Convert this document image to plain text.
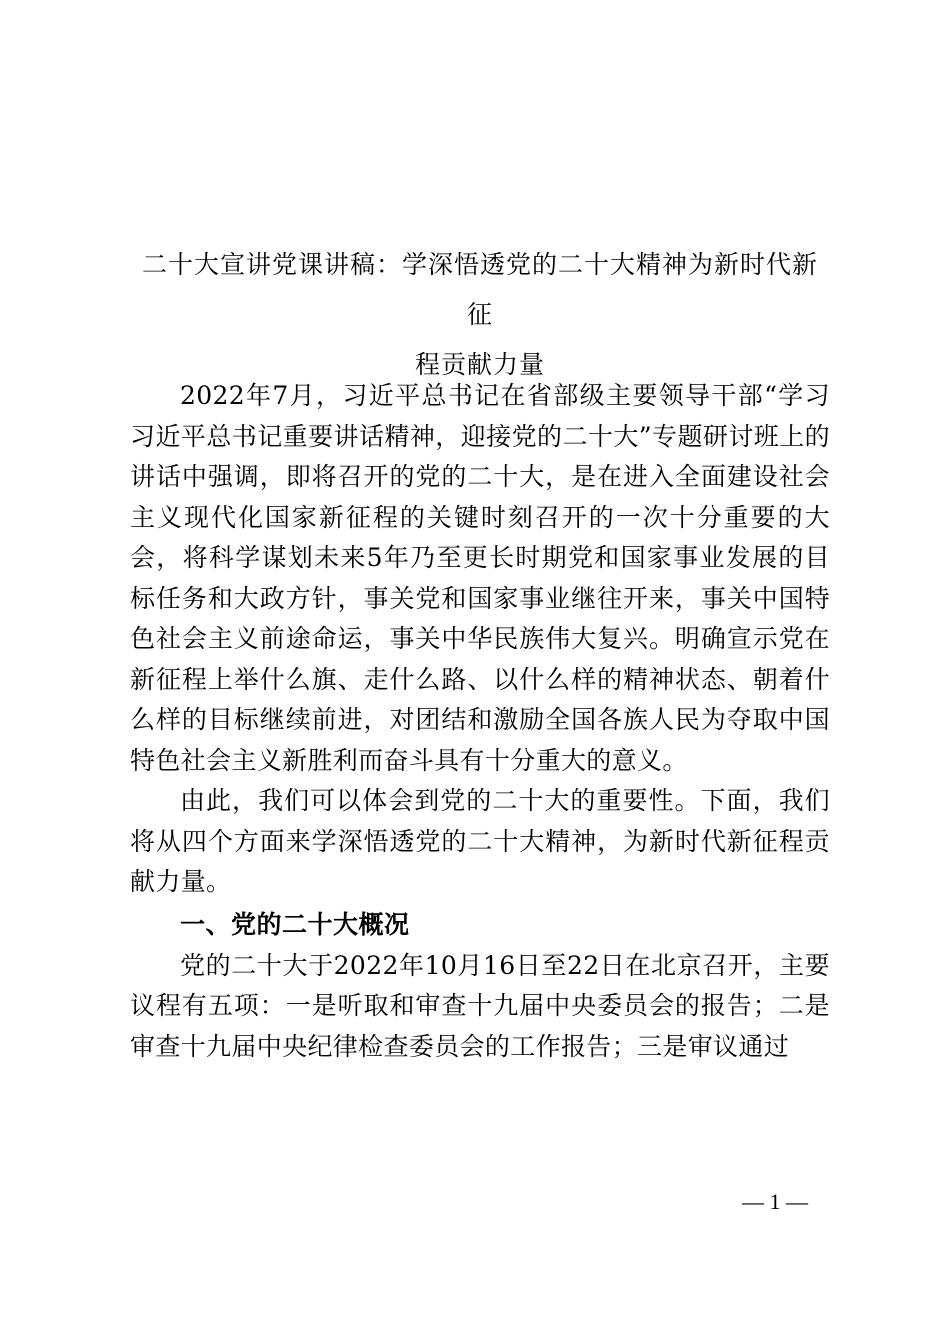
二十大宣讲党课讲稿：学深悟透党的二十大精神为新时代新征
程贡献力量

2022年7月，习近平总书记在省部级主要领导干部“学习习近平总书记重要讲话精神，迎接党的二十大”专题研讨班上的讲话中强调，即将召开的党的二十大，是在进入全面建设社会主义现代化国家新征程的关键时刻召开的一次十分重要的大会，将科学谋划未来5年乃至更长时期党和国家事业发展的目标任务和大政方针，事关党和国家事业继往开来，事关中国特色社会主义前途命运，事关中华民族伟大复兴。明确宣示党在新征程上举什么旗、走什么路、以什么样的精神状态、朝着什么样的目标继续前进，对团结和激励全国各族人民为夺取中国特色社会主义新胜利而奋斗具有十分重大的意义。

由此，我们可以体会到党的二十大的重要性。下面，我们将从四个方面来学深悟透党的二十大精神，为新时代新征程贡献力量。

一、党的二十大概况

党的二十大于2022年10月16日至22日在北京召开，主要议程有五项：一是听取和审查十九届中央委员会的报告；二是审查十九届中央纪律检查委员会的工作报告；三是审议通过

— 1 —
